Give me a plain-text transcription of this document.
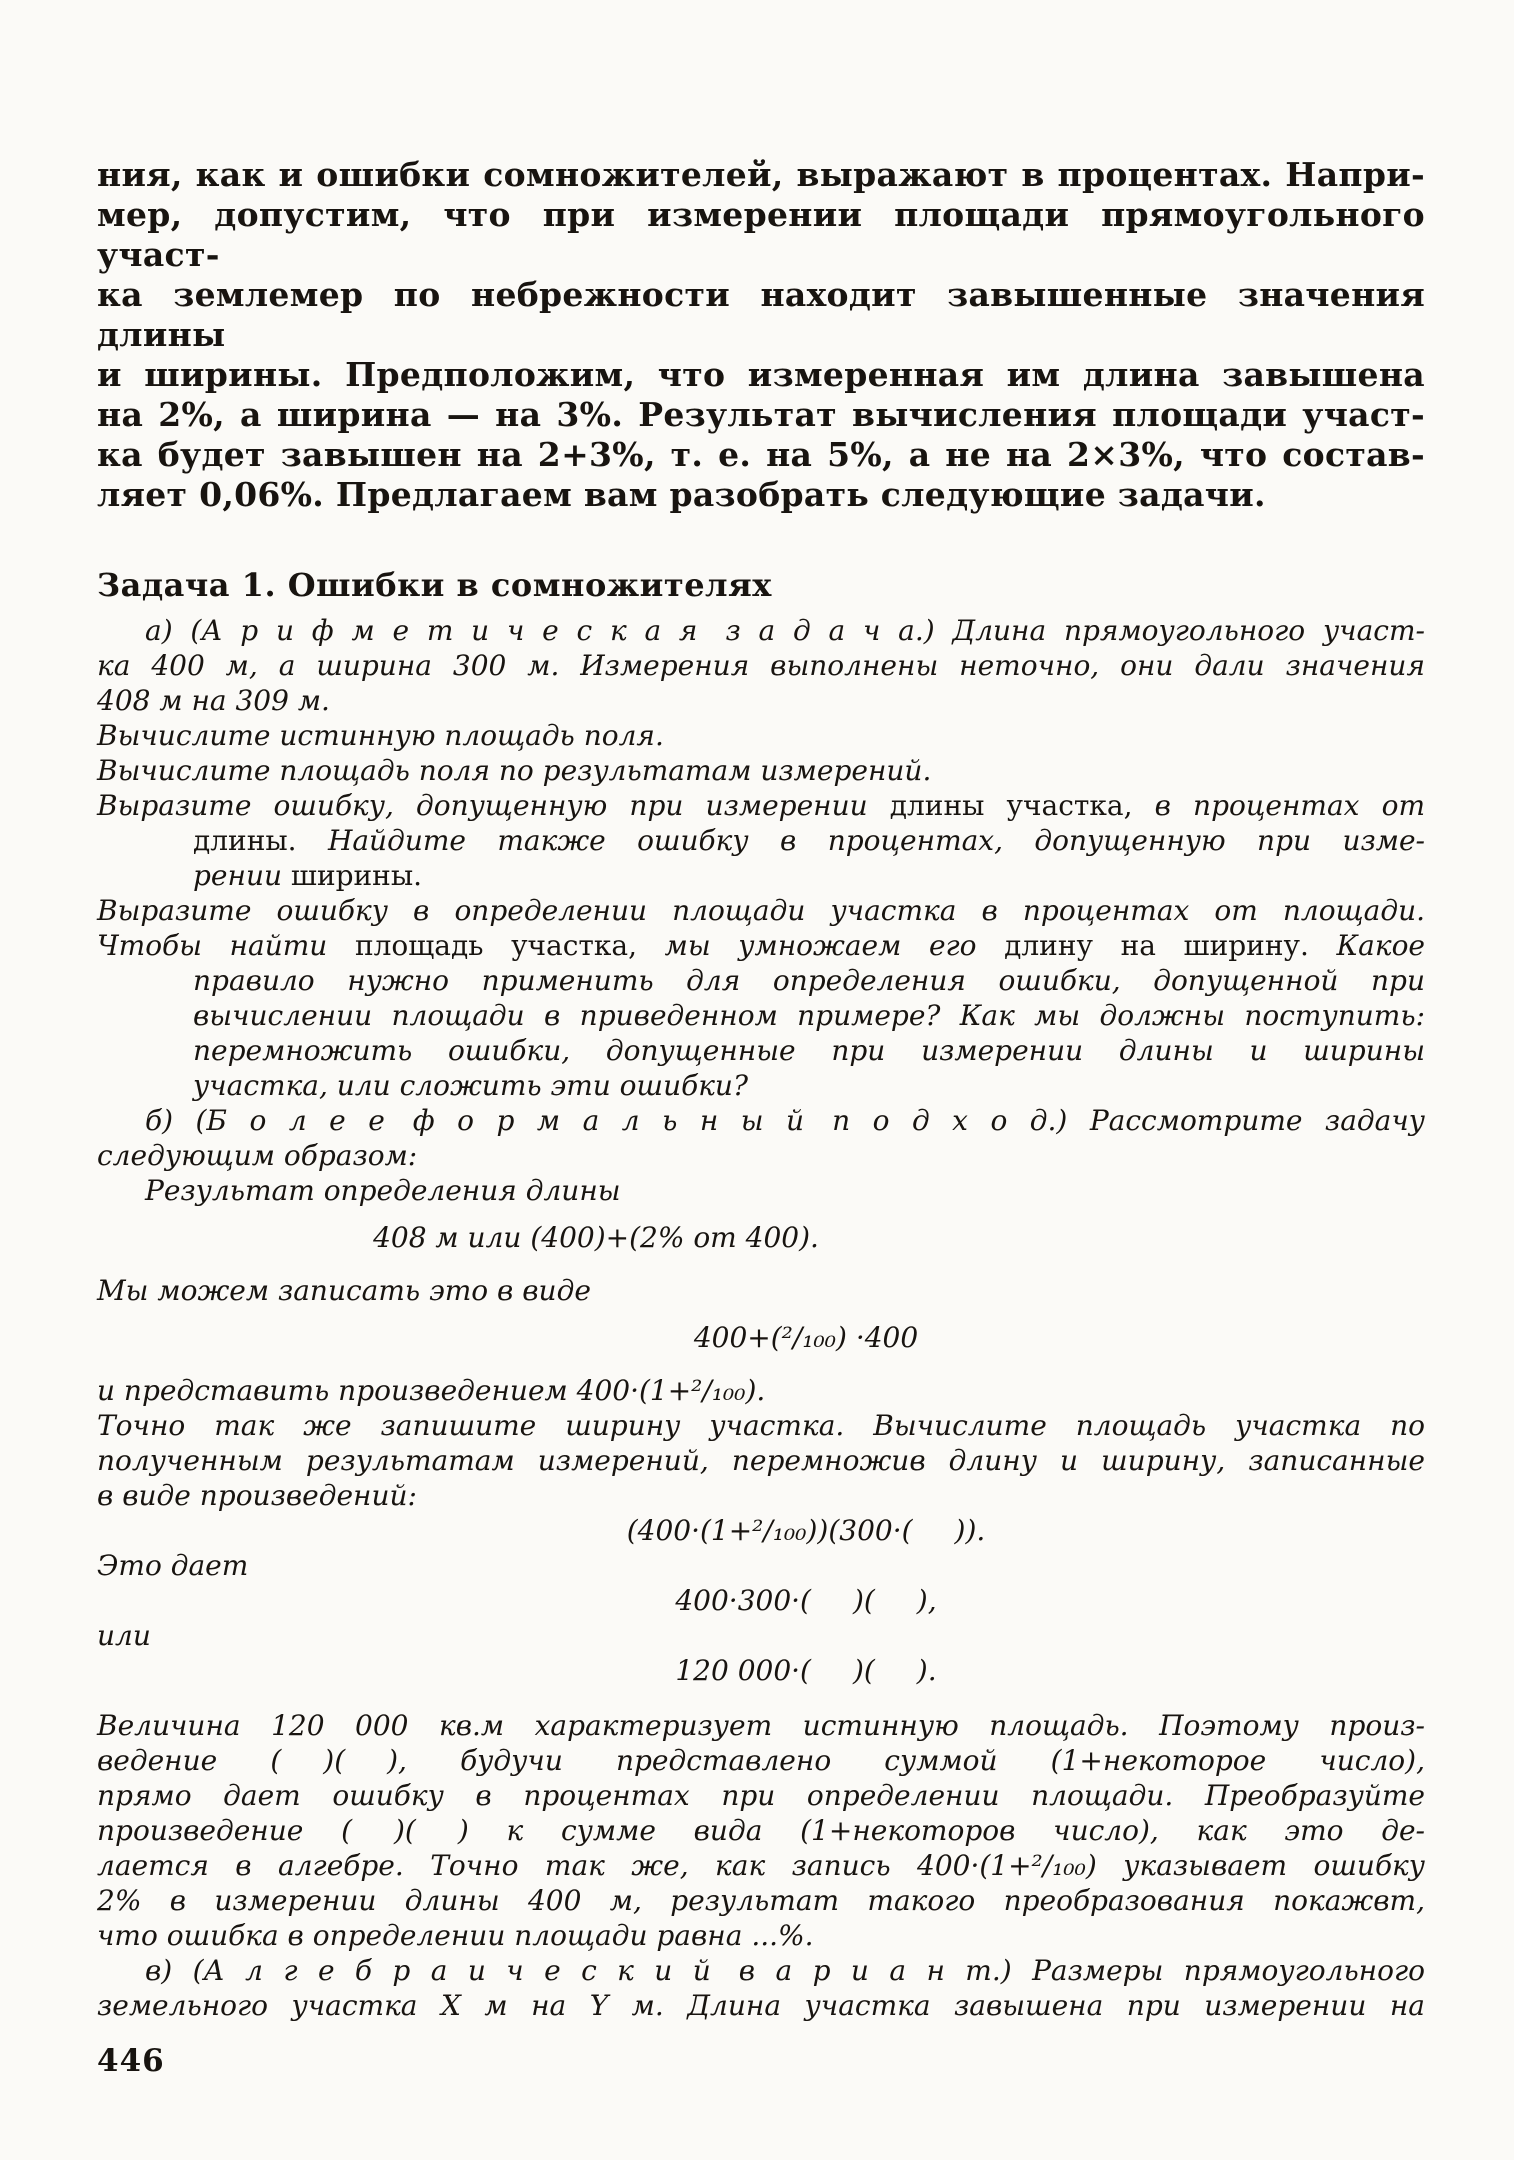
ния, как и ошибки сомножителей, выражают в процентах. Напри-
мер, допустим, что при измерении площади прямоугольного участ-
ка землемер по небрежности находит завышенные значения длины
и ширины. Предположим, что измеренная им длина завышена
на 2%, а ширина — на 3%. Результат вычисления площади участ-
ка будет завышен на 2+3%, т. е. на 5%, а не на 2×3%, что состав-
ляет 0,06%. Предлагаем вам разобрать следующие задачи.
Задача 1. Ошибки в сомножителях
а) (А р и ф м е т и ч е с к а я з а д а ч а.) Длина прямоугольного участ-
ка 400 м, а ширина 300 м. Измерения выполнены неточно, они дали значения
408 м на 309 м.
Вычислите истинную площадь поля.
Вычислите площадь поля по результатам измерений.
Выразите ошибку, допущенную при измерении длины участка, в процентах от
длины. Найдите также ошибку в процентах, допущенную при изме-
рении ширины.
Выразите ошибку в определении площади участка в процентах от площади.
Чтобы найти площадь участка, мы умножаем его длину на ширину. Какое
правило нужно применить для определения ошибки, допущенной при
вычислении площади в приведенном примере? Как мы должны поступить:
перемножить ошибки, допущенные при измерении длины и ширины
участка, или сложить эти ошибки?
б) (Б о л е е ф о р м а л ь н ы й п о д х о д.) Рассмотрите задачу
следующим образом:
Результат определения длины
408 м или (400)+(2% от 400).
Мы можем записать это в виде
400+(²/₁₀₀) ·400
и представить произведением 400·(1+²/₁₀₀).
Точно так же запишите ширину участка. Вычислите площадь участка по
полученным результатам измерений, перемножив длину и ширину, записанные
в виде произведений:
(400·(1+²/₁₀₀))(300·(  )).
Это дает
400·300·(  )(  ),
или
120 000·(  )(  ).
Величина 120 000 кв.м характеризует истинную площадь. Поэтому произ-
ведение (  )(  ), будучи представлено суммой (1+некоторое число),
прямо дает ошибку в процентах при определении площади. Преобразуйте
произведение (  )(  ) к сумме вида (1+некоторов число), как это де-
лается в алгебре. Точно так же, как запись 400·(1+²/₁₀₀) указывает ошибку
2% в измерении длины 400 м, результат такого преобразования покажвт,
что ошибка в определении площади равна ...%.
в) (А л г е б р а и ч е с к и й в а р и а н т.) Размеры прямоугольного
земельного участка X м на Y м. Длина участка завышена при измерении на
446
